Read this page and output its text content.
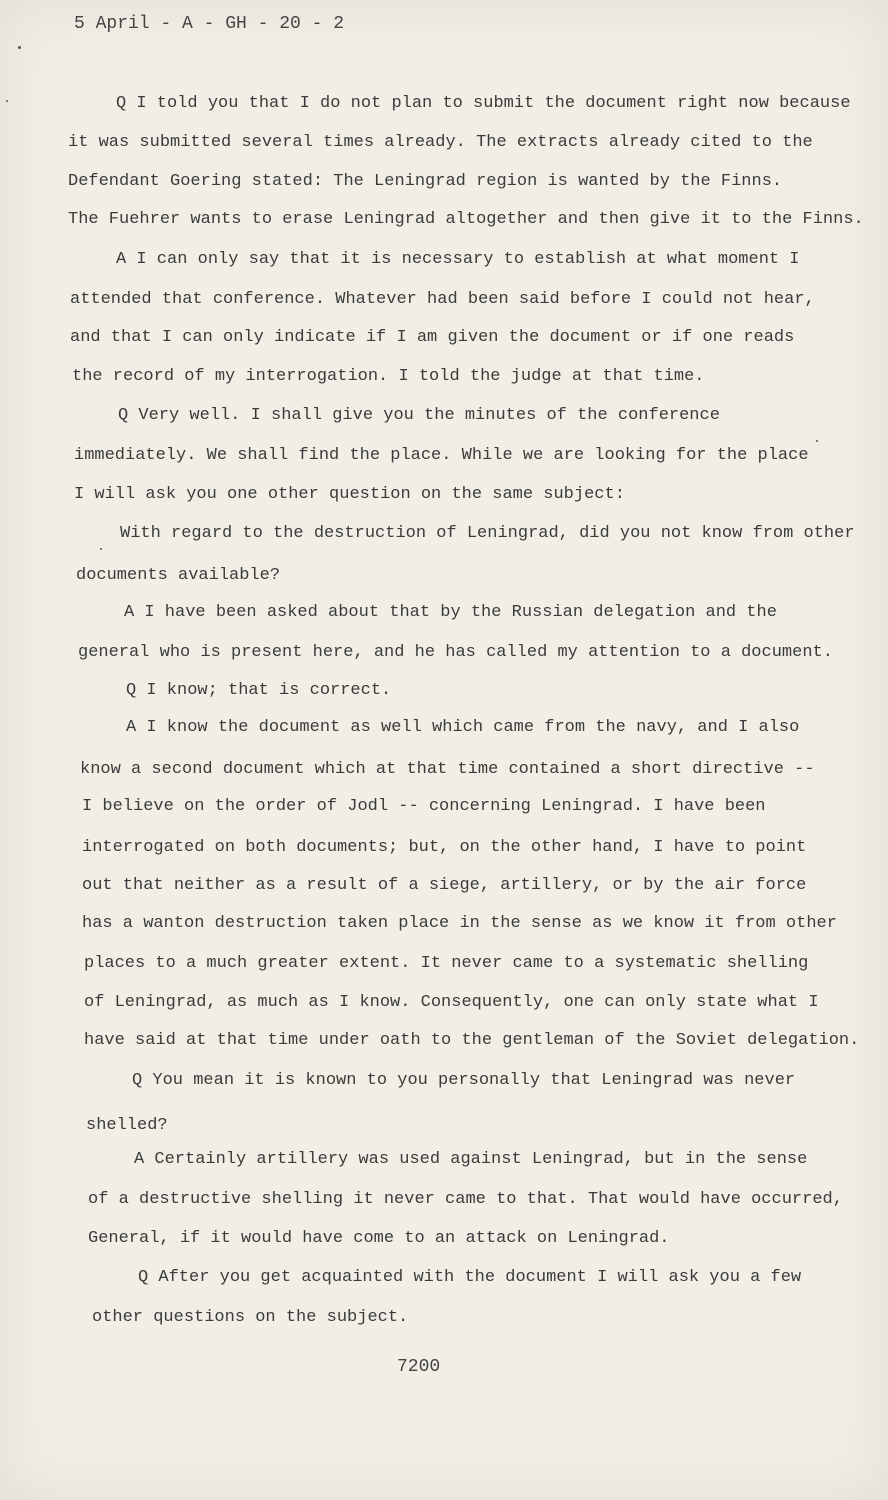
5 April - A - GH - 20 - 2
Q I told you that I do not plan to submit the document right now because
it was submitted several times already. The extracts already cited to the
Defendant Goering stated: The Leningrad region is wanted by the Finns.
The Fuehrer wants to erase Leningrad altogether and then give it to the Finns.
A I can only say that it is necessary to establish at what moment I
attended that conference. Whatever had been said before I could not hear,
and that I can only indicate if I am given the document or if one reads
the record of my interrogation. I told the judge at that time.
Q Very well. I shall give you the minutes of the conference
immediately. We shall find the place. While we are looking for the place
I will ask you one other question on the same subject:
With regard to the destruction of Leningrad, did you not know from other
documents available?
A I have been asked about that by the Russian delegation and the
general who is present here, and he has called my attention to a document.
Q I know; that is correct.
A I know the document as well which came from the navy, and I also
know a second document which at that time contained a short directive --
I believe on the order of Jodl -- concerning Leningrad. I have been
interrogated on both documents; but, on the other hand, I have to point
out that neither as a result of a siege, artillery, or by the air force
has a wanton destruction taken place in the sense as we know it from other
places to a much greater extent. It never came to a systematic shelling
of Leningrad, as much as I know. Consequently, one can only state what I
have said at that time under oath to the gentleman of the Soviet delegation.
Q You mean it is known to you personally that Leningrad was never
shelled?
A Certainly artillery was used against Leningrad, but in the sense
of a destructive shelling it never came to that. That would have occurred,
General, if it would have come to an attack on Leningrad.
Q After you get acquainted with the document I will ask you a few
other questions on the subject.
7200
